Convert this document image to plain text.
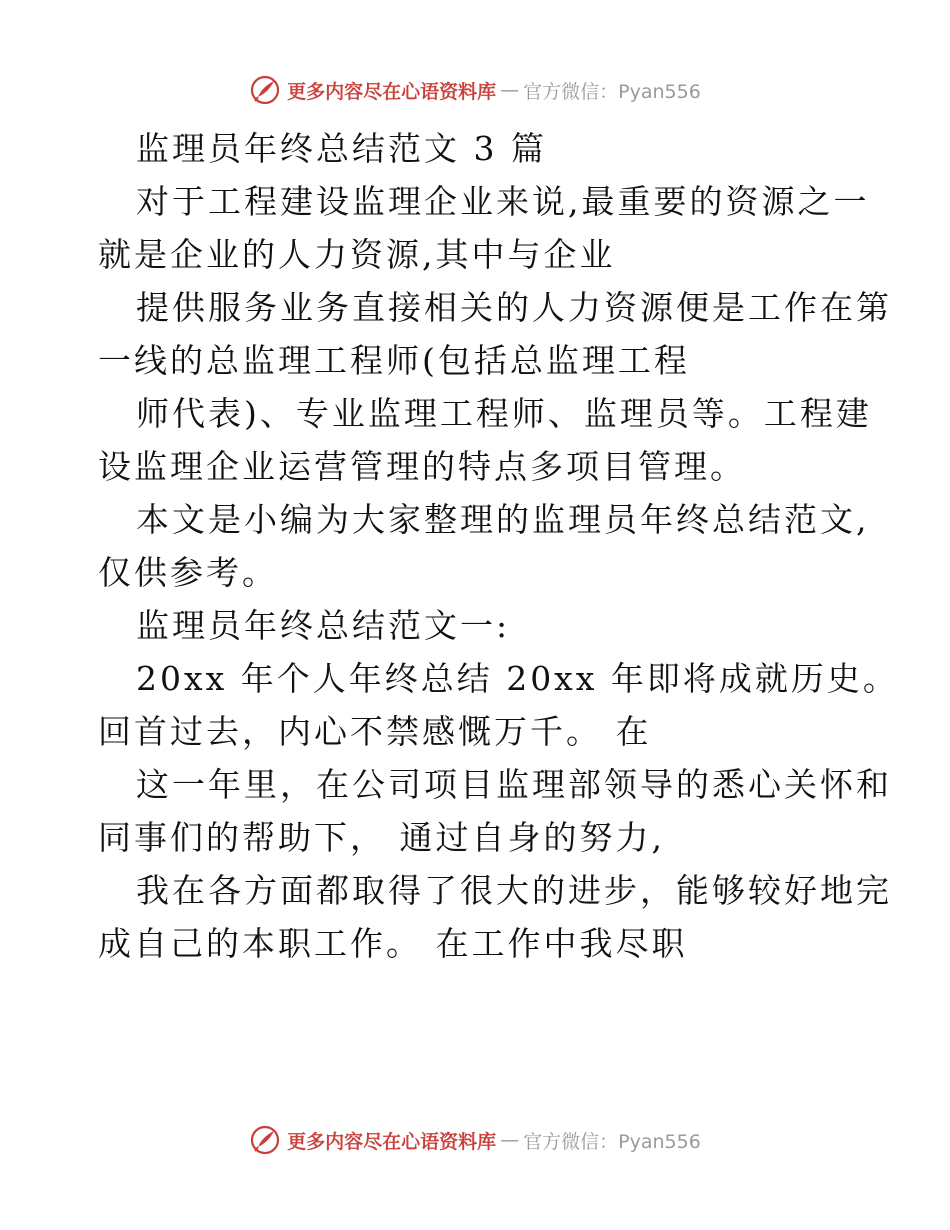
更多内容尽在心语资料库 — 官方微信：Pyan556
监理员年终总结范文 3 篇
对于工程建设监理企业来说,最重要的资源之一
就是企业的人力资源,其中与企业
提供服务业务直接相关的人力资源便是工作在第
一线的总监理工程师(包括总监理工程
师代表)、专业监理工程师、监理员等。工程建
设监理企业运营管理的特点多项目管理。
本文是小编为大家整理的监理员年终总结范文,
仅供参考。
监理员年终总结范文一:
20xx 年个人年终总结 20xx 年即将成就历史。
回首过去，内心不禁感慨万千。 在
这一年里，在公司项目监理部领导的悉心关怀和
同事们的帮助下， 通过自身的努力,
我在各方面都取得了很大的进步，能够较好地完
成自己的本职工作。 在工作中我尽职
更多内容尽在心语资料库 — 官方微信：Pyan556
